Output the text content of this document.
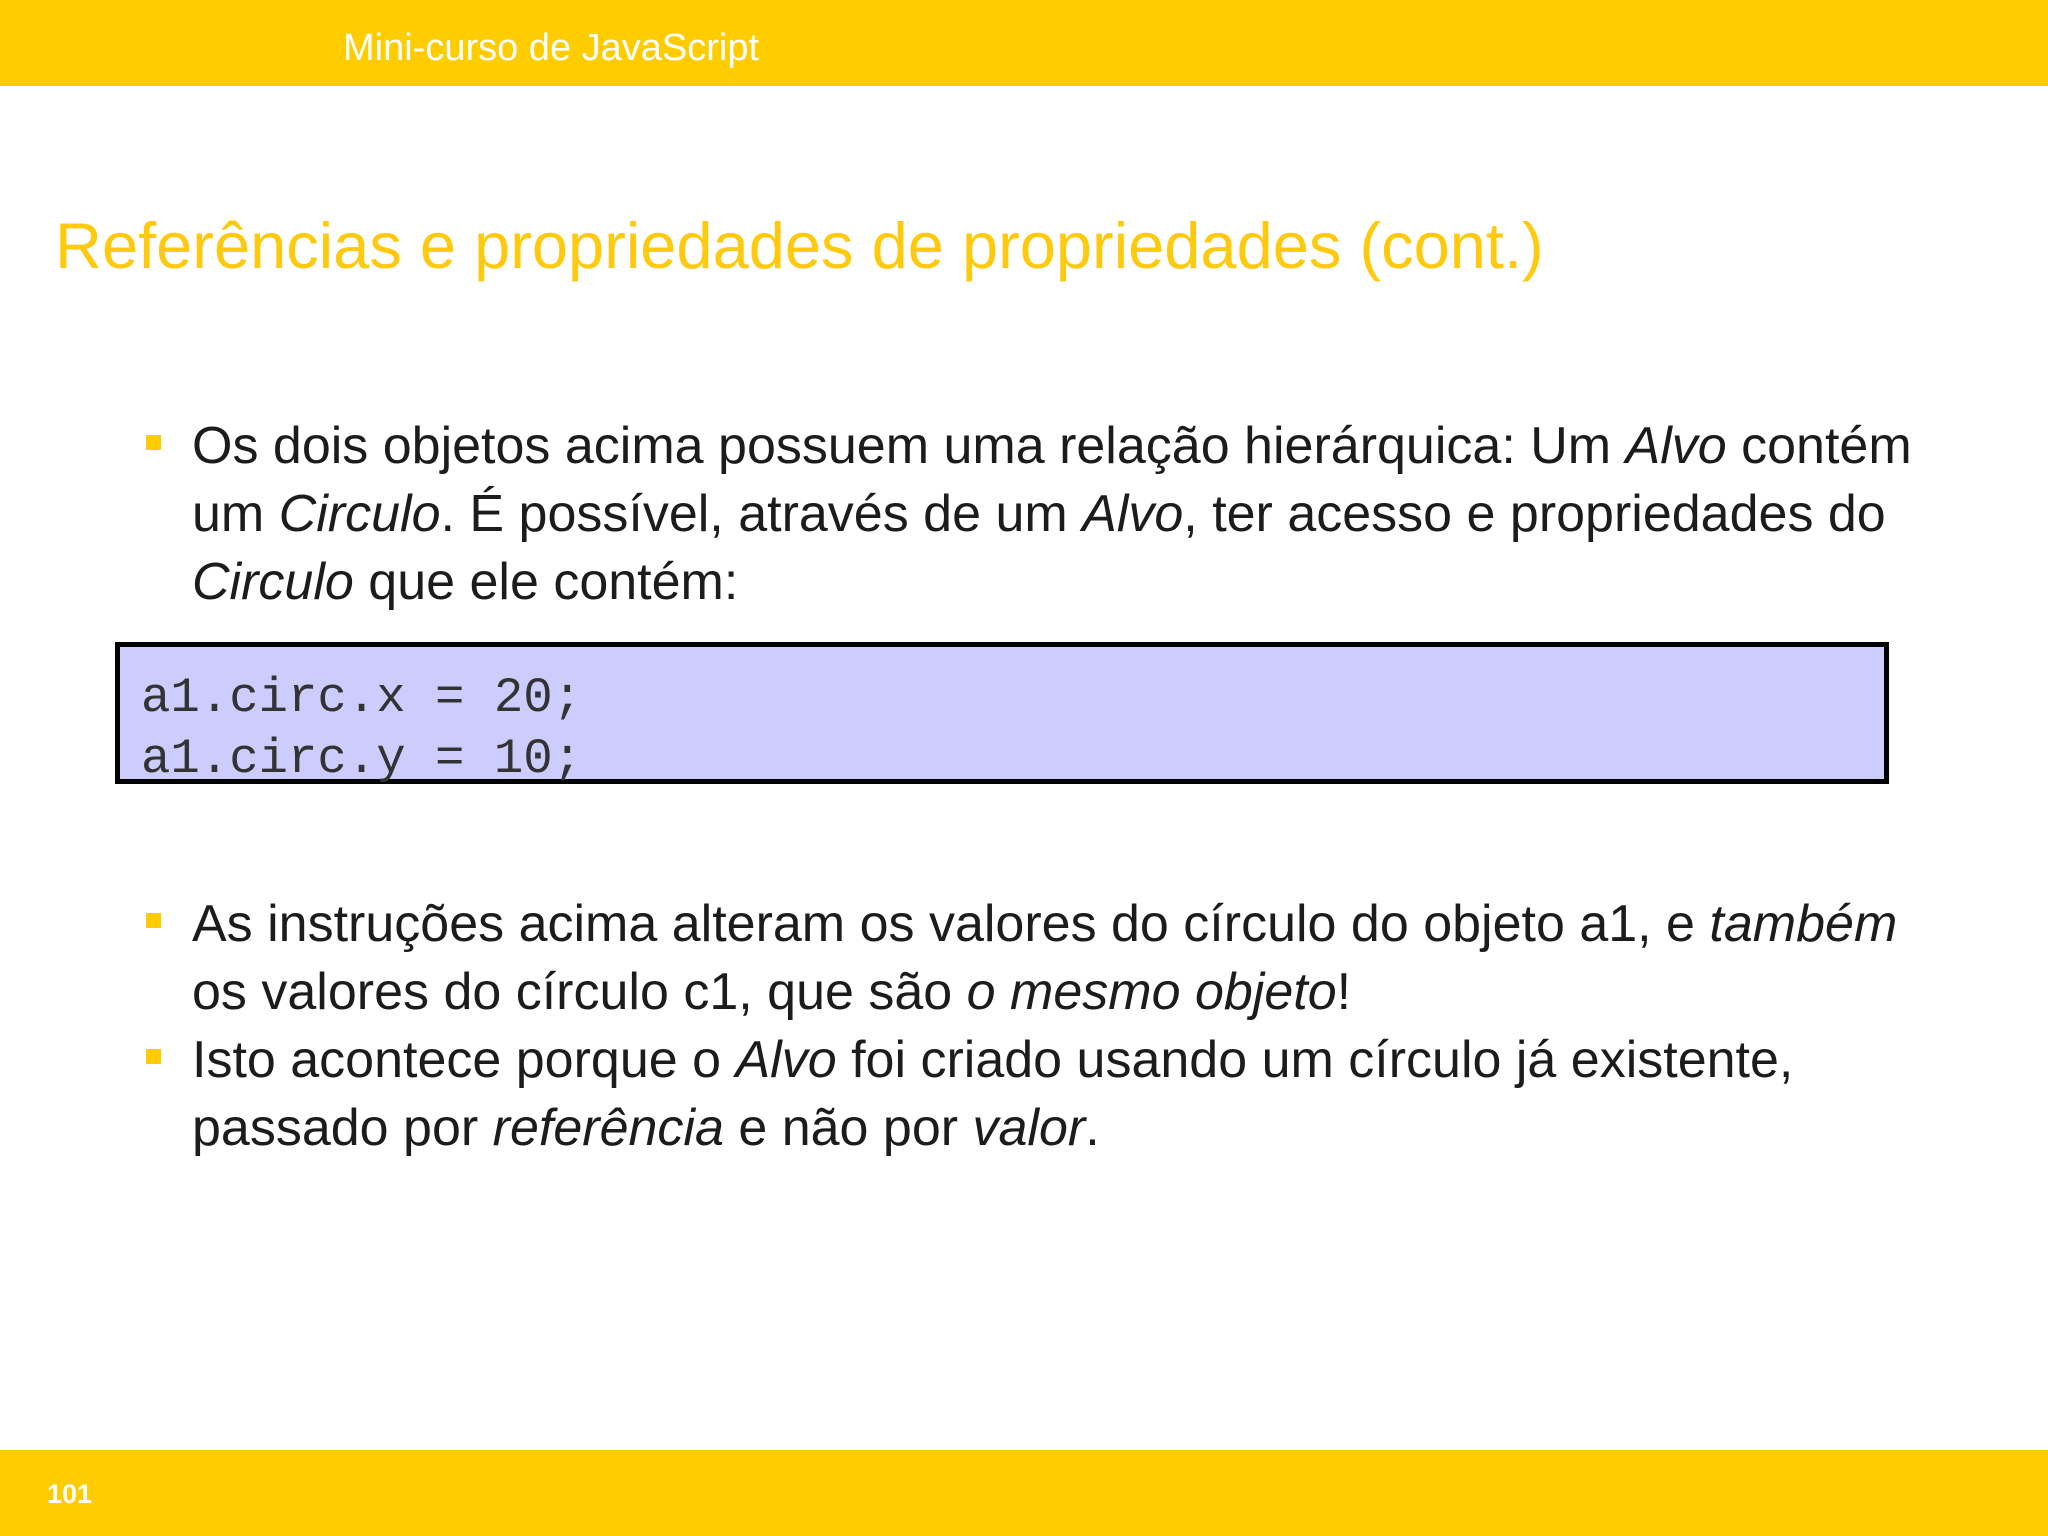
Mini-curso de JavaScript
Referências e propriedades de propriedades (cont.)
Os dois objetos acima possuem uma relação hierárquica: Um Alvo contém um Circulo. É possível, através de um Alvo, ter acesso e propriedades do Circulo que ele contém:
a1.circ.x = 20;
a1.circ.y = 10;
As instruções acima alteram os valores do círculo do objeto a1, e também os valores do círculo c1, que são o mesmo objeto!
Isto acontece porque o Alvo foi criado usando um círculo já existente, passado por referência e não por valor.
101
